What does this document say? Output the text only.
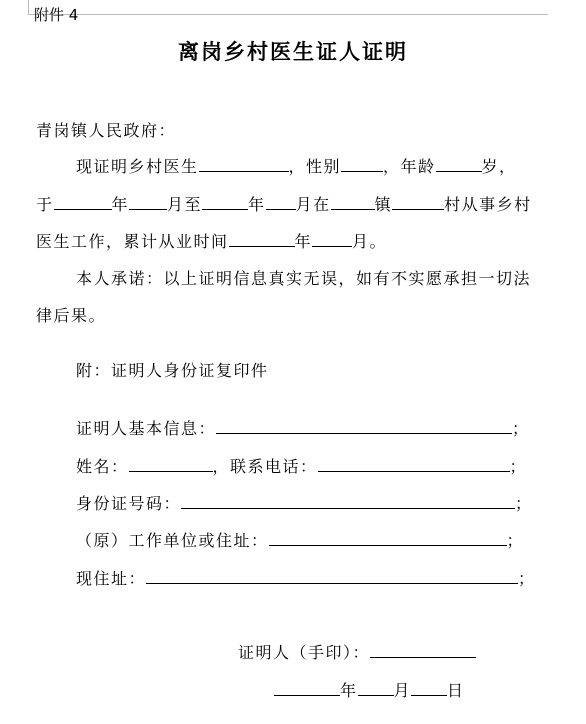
附件 4
离岗乡村医生证人证明
青岗镇人民政府：
现证明乡村医生	，性别	，年龄	岁，
于	年 月至	年 月在	镇	村从事乡村
医生工作，累计从业时间	年	月。
本人承诺：以上证明信息真实无误，如有不实愿承担一切法
律后果。
附：证明人身份证复印件
证明人基本信息：	；
姓名：	，联系电话：	；
身份证号码：	；
（原）工作单位或住址：	；
现住址：	；
证明人（手印）：
年 月 日
